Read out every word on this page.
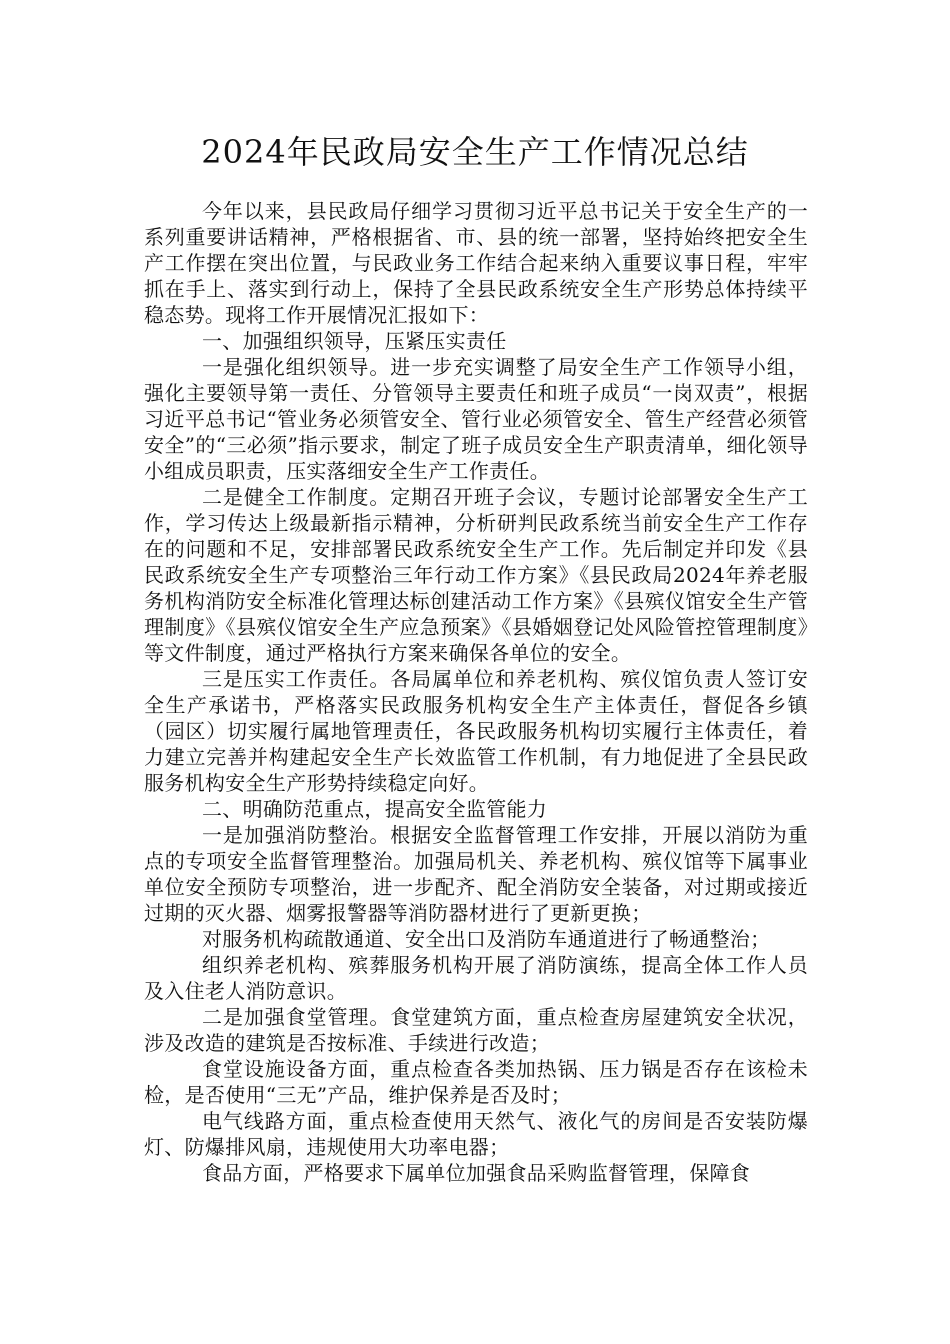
2024年民政局安全生产工作情况总结

今年以来，县民政局仔细学习贯彻习近平总书记关于安全生产的一系列重要讲话精神，严格根据省、市、县的统一部署，坚持始终把安全生产工作摆在突出位置，与民政业务工作结合起来纳入重要议事日程，牢牢抓在手上、落实到行动上，保持了全县民政系统安全生产形势总体持续平稳态势。现将工作开展情况汇报如下：

一、加强组织领导，压紧压实责任

一是强化组织领导。进一步充实调整了局安全生产工作领导小组，强化主要领导第一责任、分管领导主要责任和班子成员“一岗双责”，根据习近平总书记“管业务必须管安全、管行业必须管安全、管生产经营必须管安全”的“三必须”指示要求，制定了班子成员安全生产职责清单，细化领导小组成员职责，压实落细安全生产工作责任。

二是健全工作制度。定期召开班子会议，专题讨论部署安全生产工作，学习传达上级最新指示精神，分析研判民政系统当前安全生产工作存在的问题和不足，安排部署民政系统安全生产工作。先后制定并印发《县民政系统安全生产专项整治三年行动工作方案》《县民政局2024年养老服务机构消防安全标准化管理达标创建活动工作方案》《县殡仪馆安全生产管理制度》《县殡仪馆安全生产应急预案》《县婚姻登记处风险管控管理制度》等文件制度，通过严格执行方案来确保各单位的安全。

三是压实工作责任。各局属单位和养老机构、殡仪馆负责人签订安全生产承诺书，严格落实民政服务机构安全生产主体责任，督促各乡镇（园区）切实履行属地管理责任，各民政服务机构切实履行主体责任，着力建立完善并构建起安全生产长效监管工作机制，有力地促进了全县民政服务机构安全生产形势持续稳定向好。

二、明确防范重点，提高安全监管能力

一是加强消防整治。根据安全监督管理工作安排，开展以消防为重点的专项安全监督管理整治。加强局机关、养老机构、殡仪馆等下属事业单位安全预防专项整治，进一步配齐、配全消防安全装备，对过期或接近过期的灭火器、烟雾报警器等消防器材进行了更新更换；

对服务机构疏散通道、安全出口及消防车通道进行了畅通整治；

组织养老机构、殡葬服务机构开展了消防演练，提高全体工作人员及入住老人消防意识。

二是加强食堂管理。食堂建筑方面，重点检查房屋建筑安全状况，涉及改造的建筑是否按标准、手续进行改造；

食堂设施设备方面，重点检查各类加热锅、压力锅是否存在该检未检，是否使用“三无”产品，维护保养是否及时；

电气线路方面，重点检查使用天然气、液化气的房间是否安装防爆灯、防爆排风扇，违规使用大功率电器；

食品方面，严格要求下属单位加强食品采购监督管理，保障食
